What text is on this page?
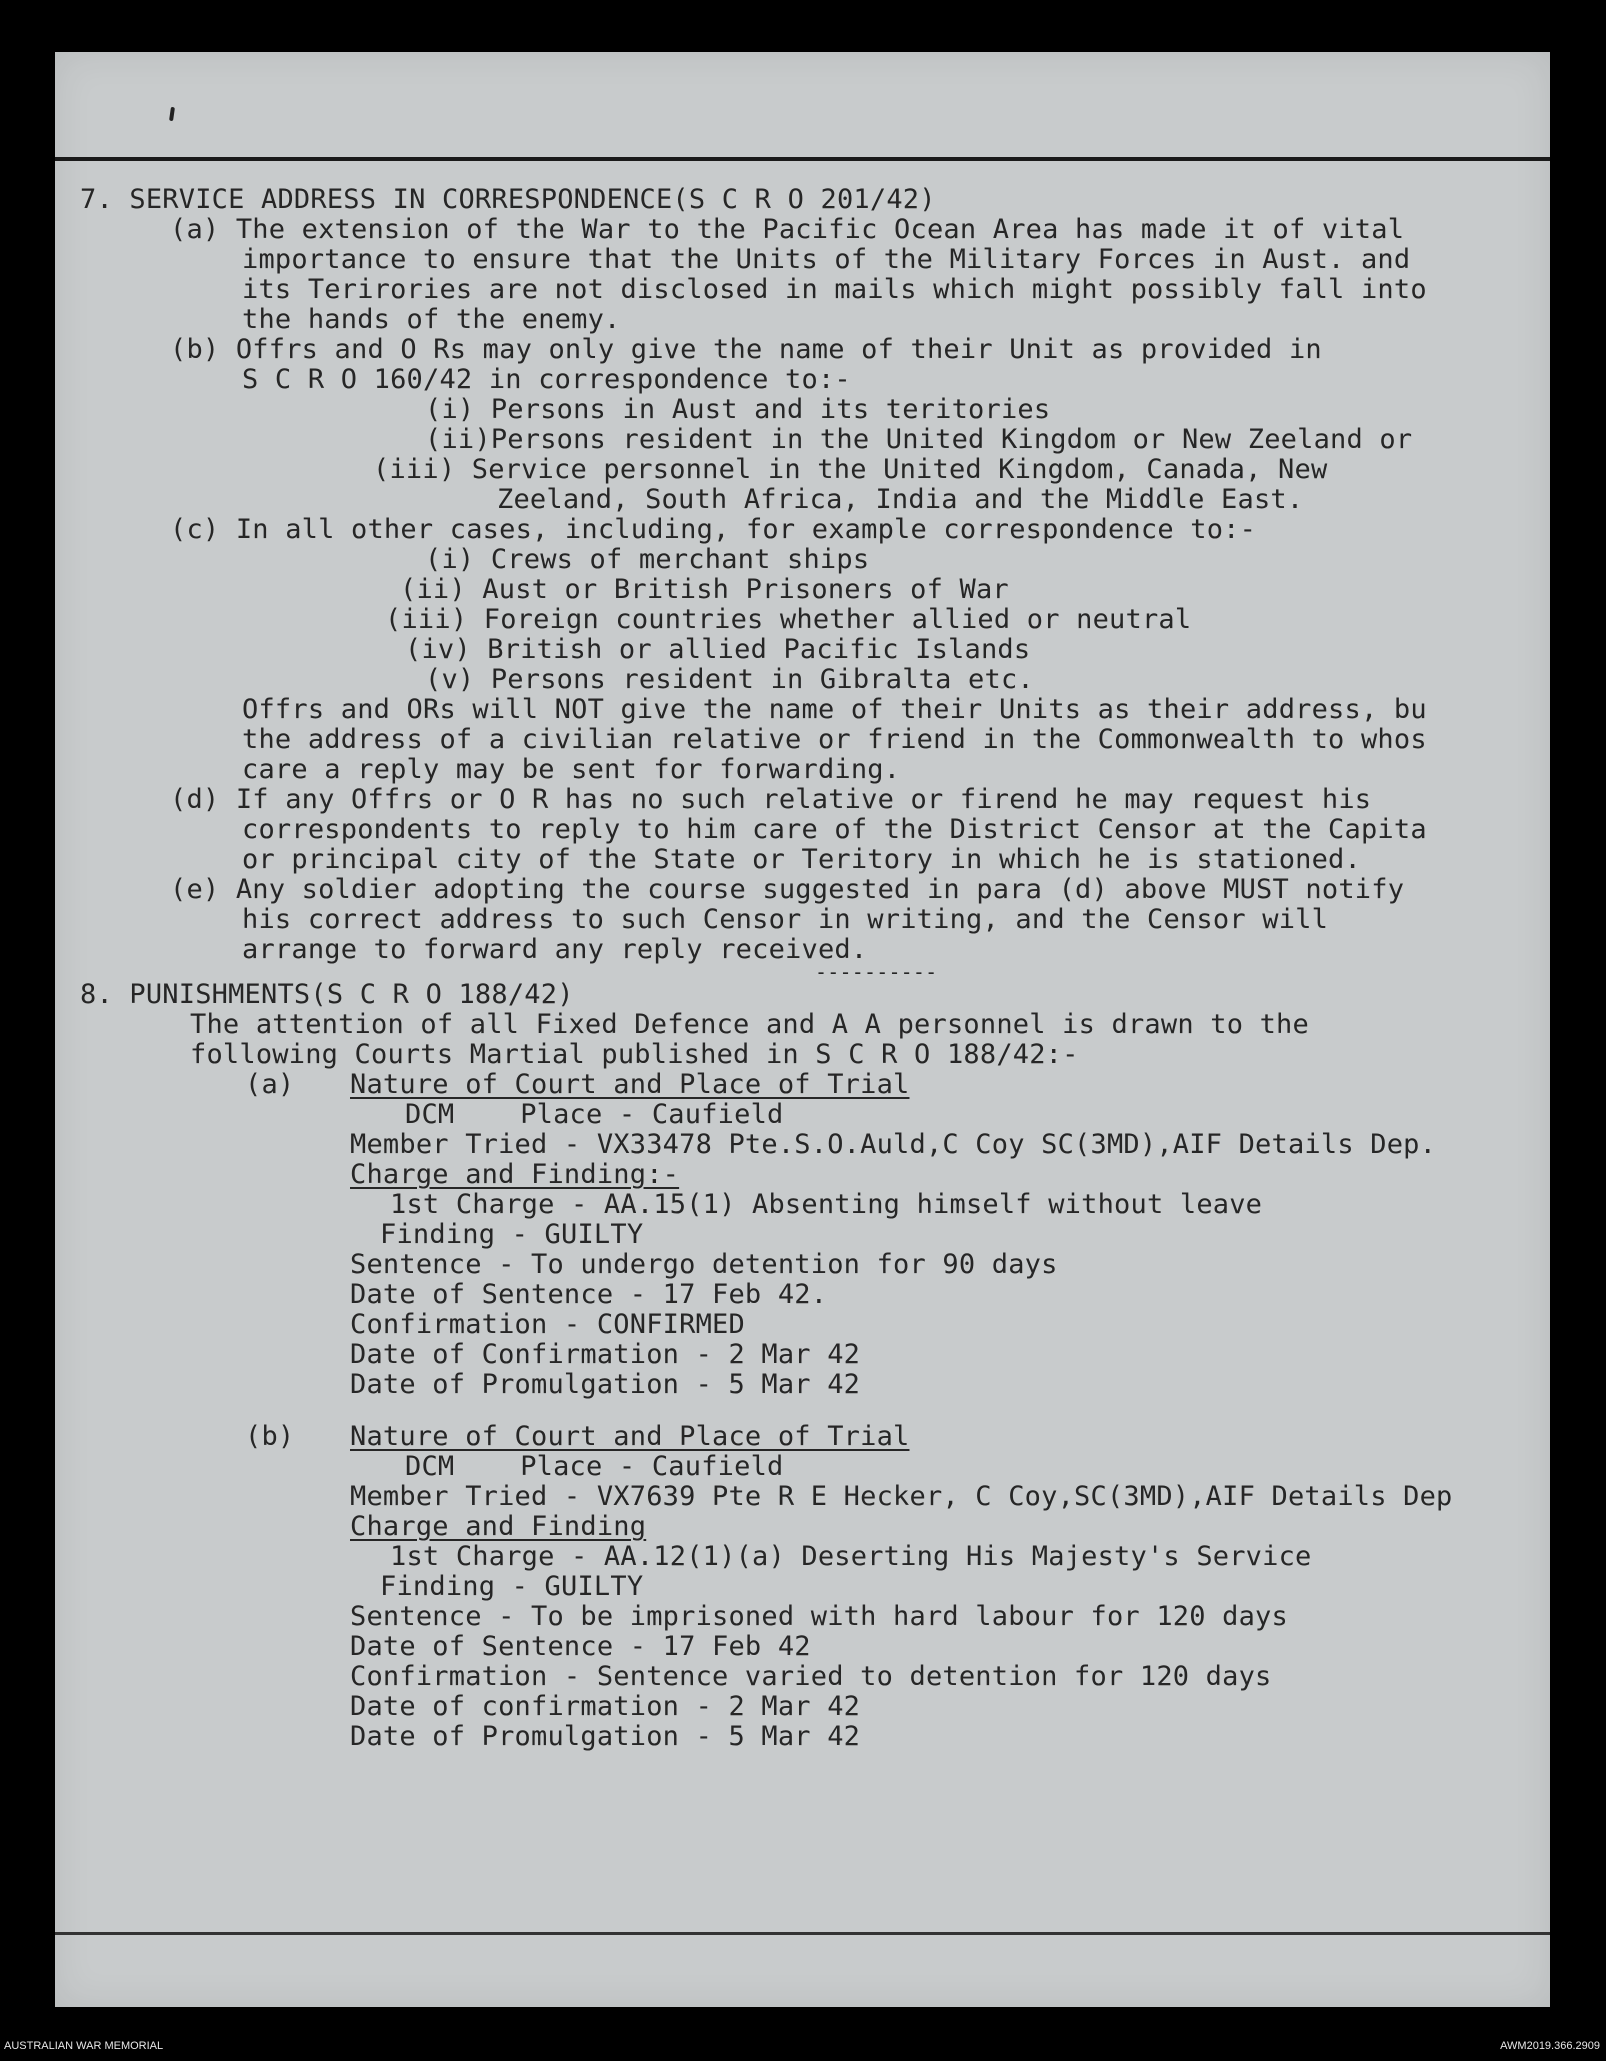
7. SERVICE ADDRESS IN CORRESPONDENCE(S C R O 201/42)
(a) The extension of the War to the Pacific Ocean Area has made it of vital
importance to ensure that the Units of the Military Forces in Aust. and
its Terirories are not disclosed in mails which might possibly fall into
the hands of the enemy.
(b) Offrs and O Rs may only give the name of their Unit as provided in
S C R O 160/42 in correspondence to:-
(i) Persons in Aust and its teritories
(ii)Persons resident in the United Kingdom or New Zeeland or
(iii) Service personnel in the United Kingdom, Canada, New
Zeeland, South Africa, India and the Middle East.
(c) In all other cases, including, for example correspondence to:-
(i) Crews of merchant ships
(ii) Aust or British Prisoners of War
(iii) Foreign countries whether allied or neutral
(iv) British or allied Pacific Islands
(v) Persons resident in Gibralta etc.
Offrs and ORs will NOT give the name of their Units as their address, bu
the address of a civilian relative or friend in the Commonwealth to whos
care a reply may be sent for forwarding.
(d) If any Offrs or O R has no such relative or firend he may request his
correspondents to reply to him care of the District Censor at the Capita
or principal city of the State or Teritory in which he is stationed.
(e) Any soldier adopting the course suggested in para (d) above MUST notify
his correct address to such Censor in writing, and the Censor will
arrange to forward any reply received.
----------
8. PUNISHMENTS(S C R O 188/42)
The attention of all Fixed Defence and A A personnel is drawn to the
following Courts Martial published in S C R O 188/42:-
(a) Nature of Court and Place of Trial
DCM    Place - Caufield
Member Tried - VX33478 Pte.S.O.Auld,C Coy SC(3MD),AIF Details Dep.
Charge and Finding:-
1st Charge - AA.15(1) Absenting himself without leave
Finding - GUILTY
Sentence - To undergo detention for 90 days
Date of Sentence - 17 Feb 42.
Confirmation - CONFIRMED
Date of Confirmation - 2 Mar 42
Date of Promulgation - 5 Mar 42
(b) Nature of Court and Place of Trial
DCM    Place - Caufield
Member Tried - VX7639 Pte R E Hecker, C Coy,SC(3MD),AIF Details Dep
Charge and Finding
1st Charge - AA.12(1)(a) Deserting His Majesty's Service
Finding - GUILTY
Sentence - To be imprisoned with hard labour for 120 days
Date of Sentence - 17 Feb 42
Confirmation - Sentence varied to detention for 120 days
Date of confirmation - 2 Mar 42
Date of Promulgation - 5 Mar 42
AUSTRALIAN WAR MEMORIAL	AWM2019.366.2909
